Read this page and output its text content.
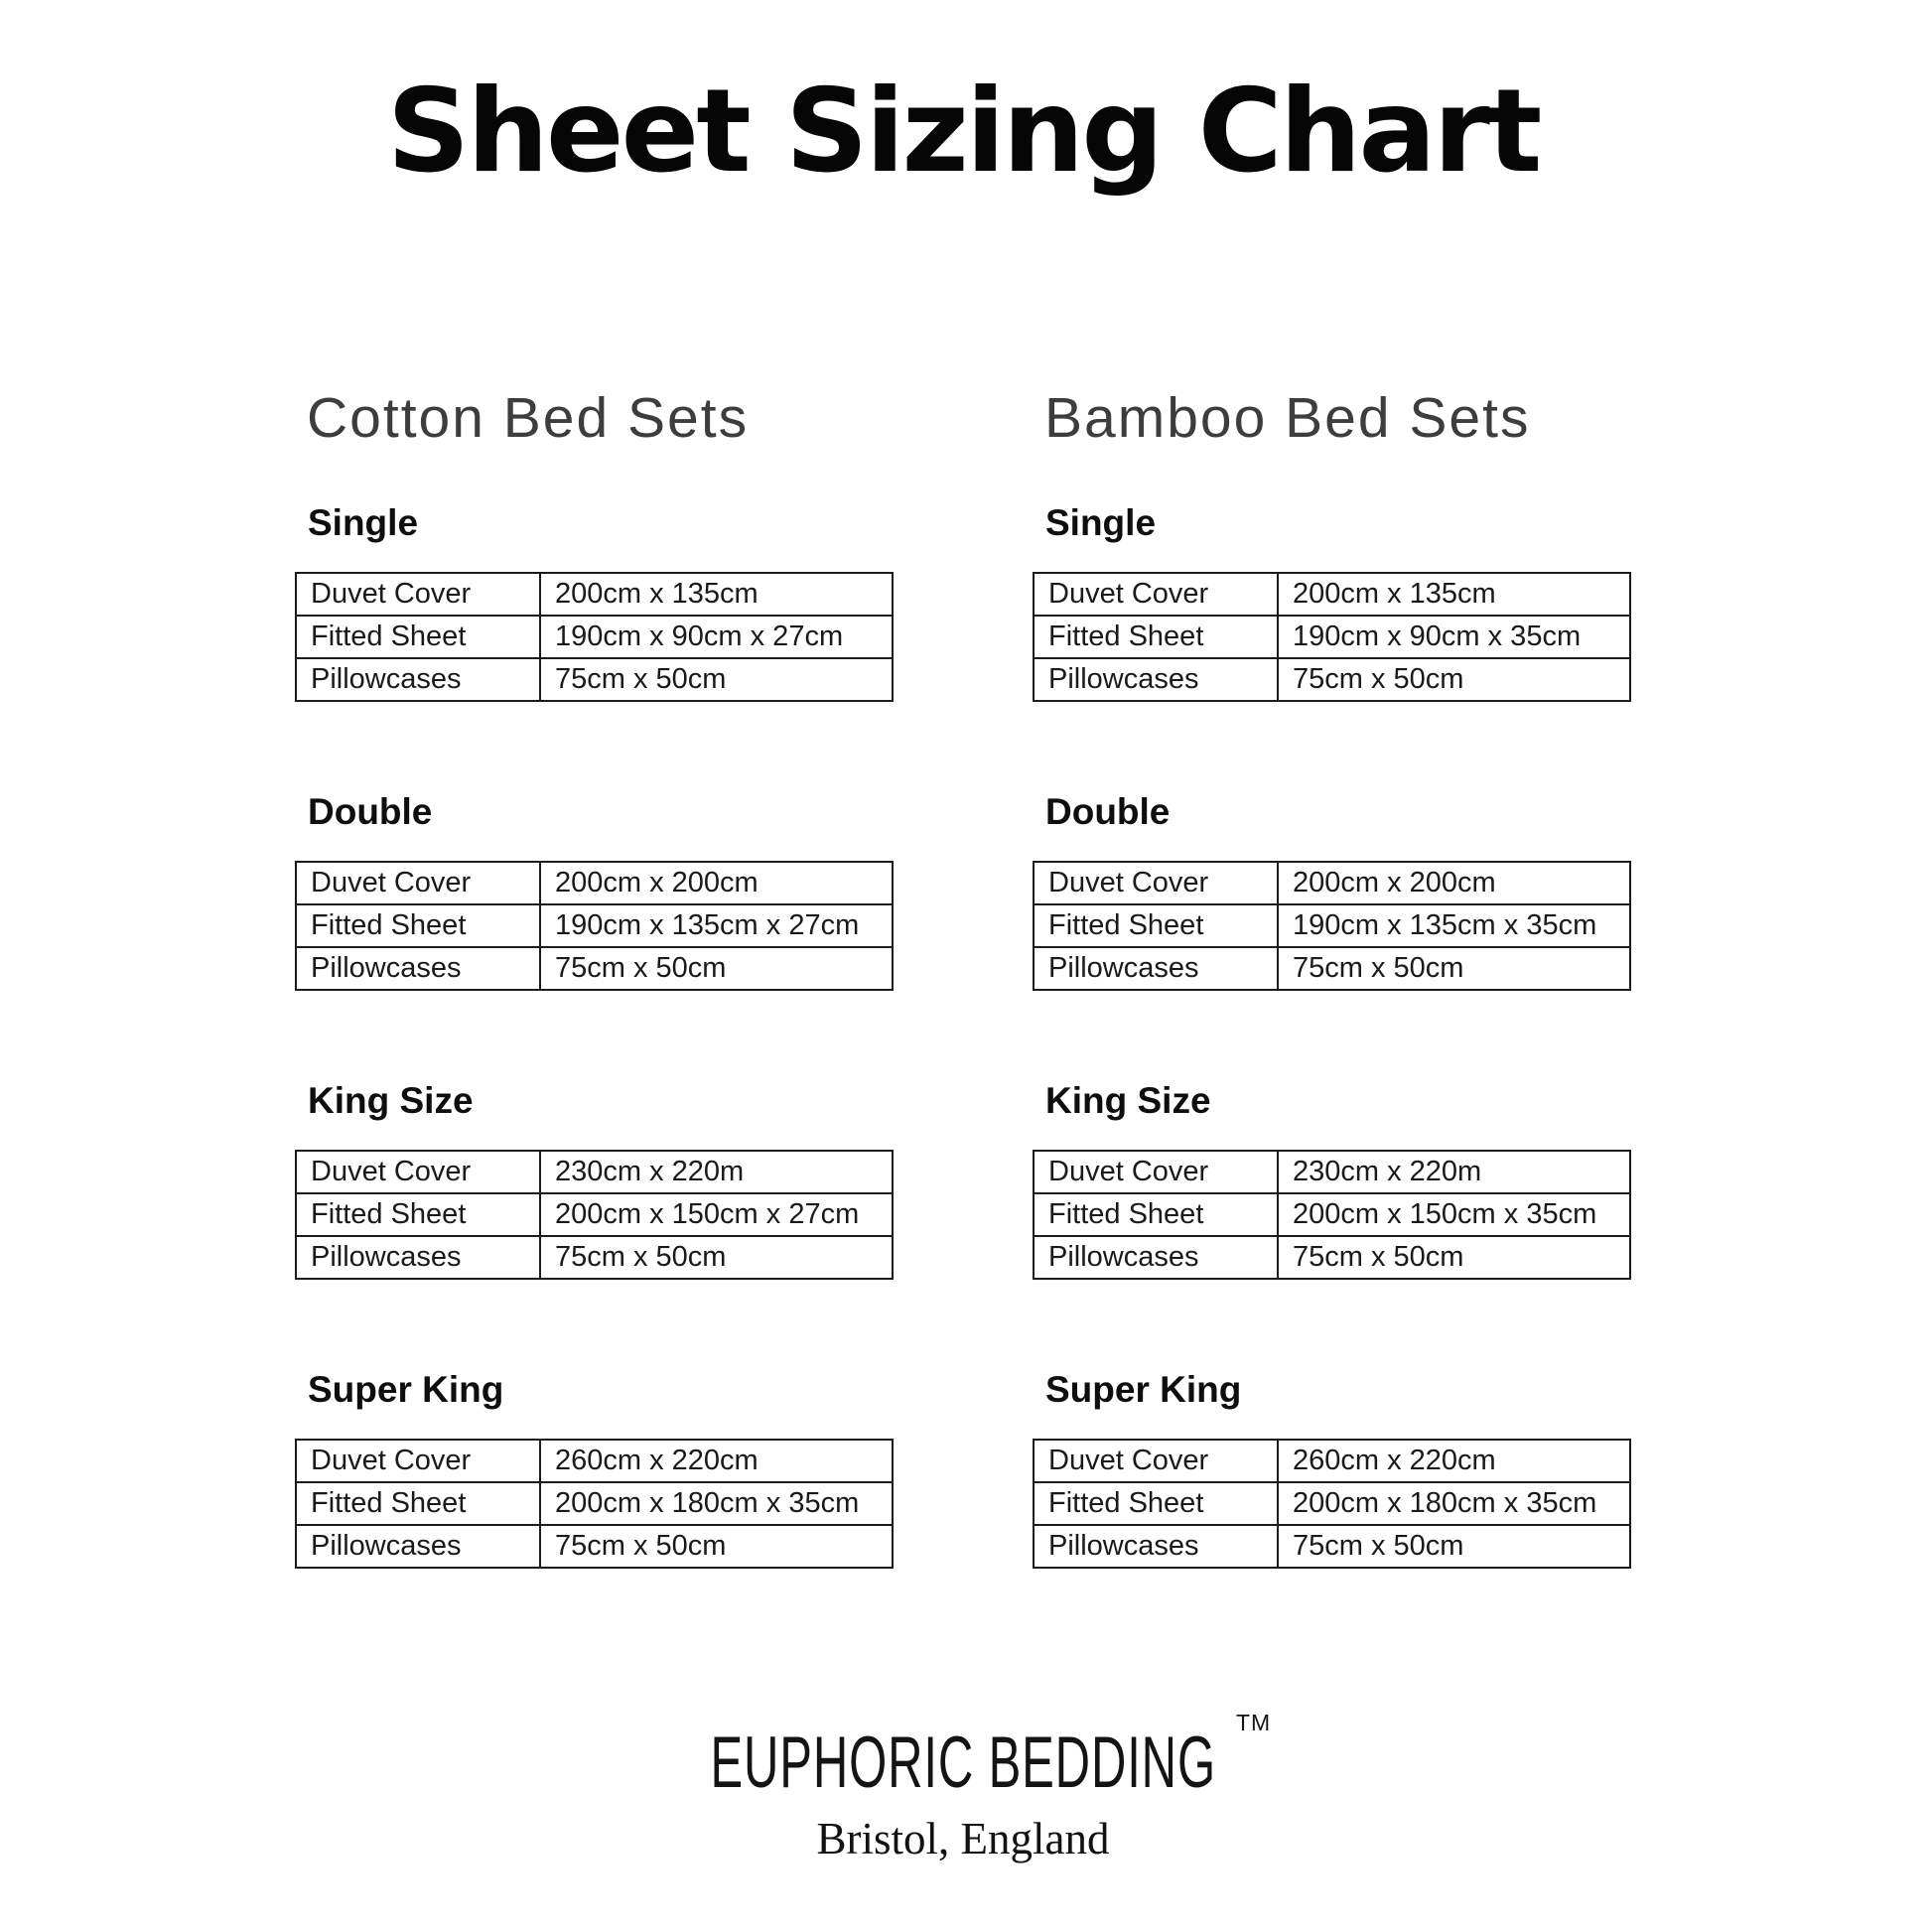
Sheet Sizing Chart
Cotton Bed Sets
Single
Duvet Cover	200cm x 135cm
Fitted Sheet	190cm x 90cm x 27cm
Pillowcases	75cm x 50cm
Double
Duvet Cover	200cm x 200cm
Fitted Sheet	190cm x 135cm x 27cm
Pillowcases	75cm x 50cm
King Size
Duvet Cover	230cm x 220m
Fitted Sheet	200cm x 150cm x 27cm
Pillowcases	75cm x 50cm
Super King
Duvet Cover	260cm x 220cm
Fitted Sheet	200cm x 180cm x 35cm
Pillowcases	75cm x 50cm
Bamboo Bed Sets
Single
Duvet Cover	200cm x 135cm
Fitted Sheet	190cm x 90cm x 35cm
Pillowcases	75cm x 50cm
Double
Duvet Cover	200cm x 200cm
Fitted Sheet	190cm x 135cm x 35cm
Pillowcases	75cm x 50cm
King Size
Duvet Cover	230cm x 220m
Fitted Sheet	200cm x 150cm x 35cm
Pillowcases	75cm x 50cm
Super King
Duvet Cover	260cm x 220cm
Fitted Sheet	200cm x 180cm x 35cm
Pillowcases	75cm x 50cm
EUPHORIC BEDDING TM
Bristol, England
